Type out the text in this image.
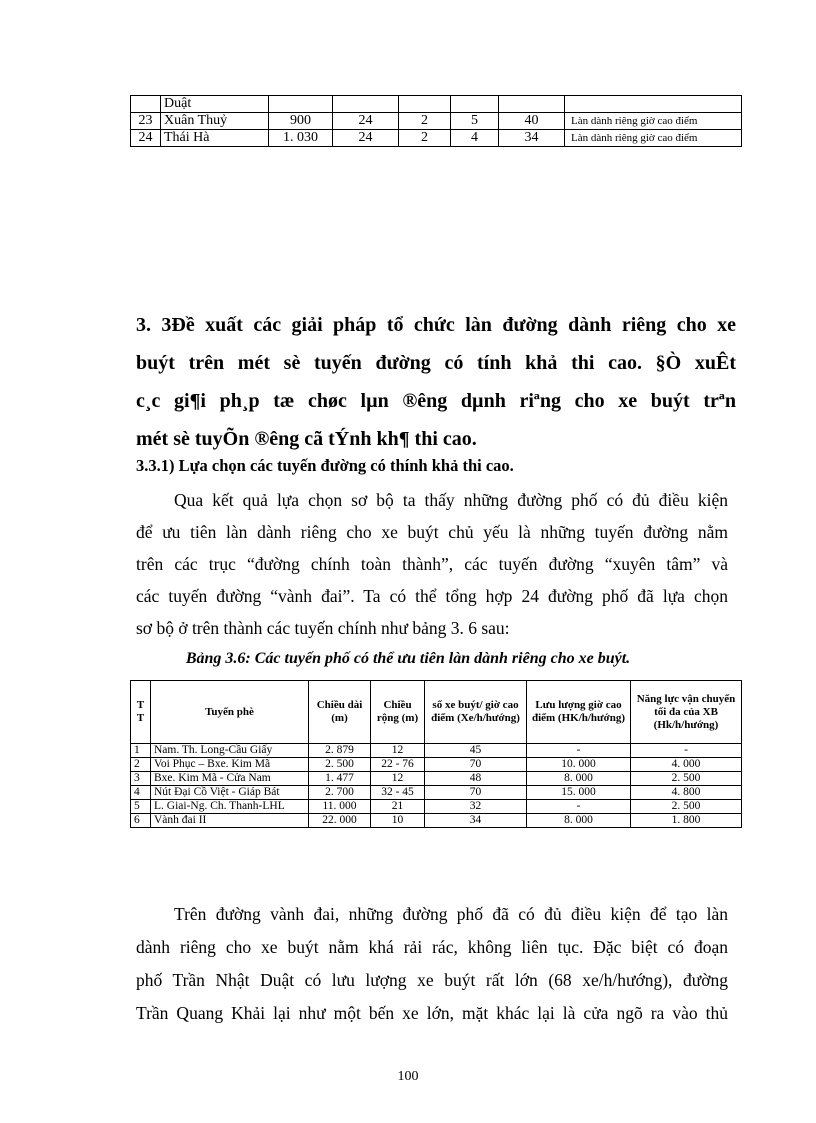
	Duật						
23	Xuân Thuỷ	900	24	2	5	40	Làn dành riêng giờ cao điểm
24	Thái Hà	1. 030	24	2	4	34	Làn dành riêng giờ cao điểm
3. 3Đề xuất các giải pháp tổ chức làn đường dành riêng cho xe
buýt trên mét sè tuyến đường có tính khả thi cao. §Ò xuÊt
c¸c gi¶i ph¸p tæ chøc lµn ®êng dµnh riªng cho xe buýt trªn
mét sè tuyÕn ®êng cã tÝnh kh¶ thi cao.
3.3.1) Lựa chọn các tuyến đường có thính khả thi cao.
Qua kết quả lựa chọn sơ bộ ta thấy những đường phố có đủ điều kiện
để ưu tiên làn dành riêng cho xe buýt chủ yếu là những tuyến đường nằm
trên các trục “đường chính toàn thành”, các tuyến đường “xuyên tâm” và
các tuyến đường “vành đai”. Ta có thể tổng hợp 24 đường phố đã lựa chọn
sơ bộ ở trên thành các tuyến chính như bảng 3. 6 sau:
Bảng 3.6: Các tuyến phố có thể ưu tiên làn dành riêng cho xe buýt.
T T	Tuyến phè	Chiều dài (m)	Chiều rộng (m)	số xe buýt/ giờ cao điểm (Xe/h/hướng)	Lưu lượng giờ cao điểm (HK/h/hướng)	Năng lực vận chuyển tối đa của XB (Hk/h/hướng)
1	Nam. Th. Long-Cầu Giấy	2. 879	12	45	-	-
2	Voi Phục – Bxe. Kim Mã	2. 500	22 - 76	70	10. 000	4. 000
3	Bxe. Kim Mã - Cửa Nam	1. 477	12	48	8. 000	2. 500
4	Nút Đại Cồ Việt - Giáp Bát	2. 700	32 - 45	70	15. 000	4. 800
5	L. Giai-Ng. Ch. Thanh-LHL	11. 000	21	32	-	2. 500
6	Vành đai II	22. 000	10	34	8. 000	1. 800
Trên đường vành đai, những đường phố đã có đủ điều kiện để tạo làn
dành riêng cho xe buýt nằm khá rải rác, không liên tục. Đặc biệt có đoạn
phố Trần Nhật Duật có lưu lượng xe buýt rất lớn (68 xe/h/hướng), đường
Trần Quang Khải lại như một bến xe lớn, mặt khác lại là cửa ngõ ra vào thủ
100
